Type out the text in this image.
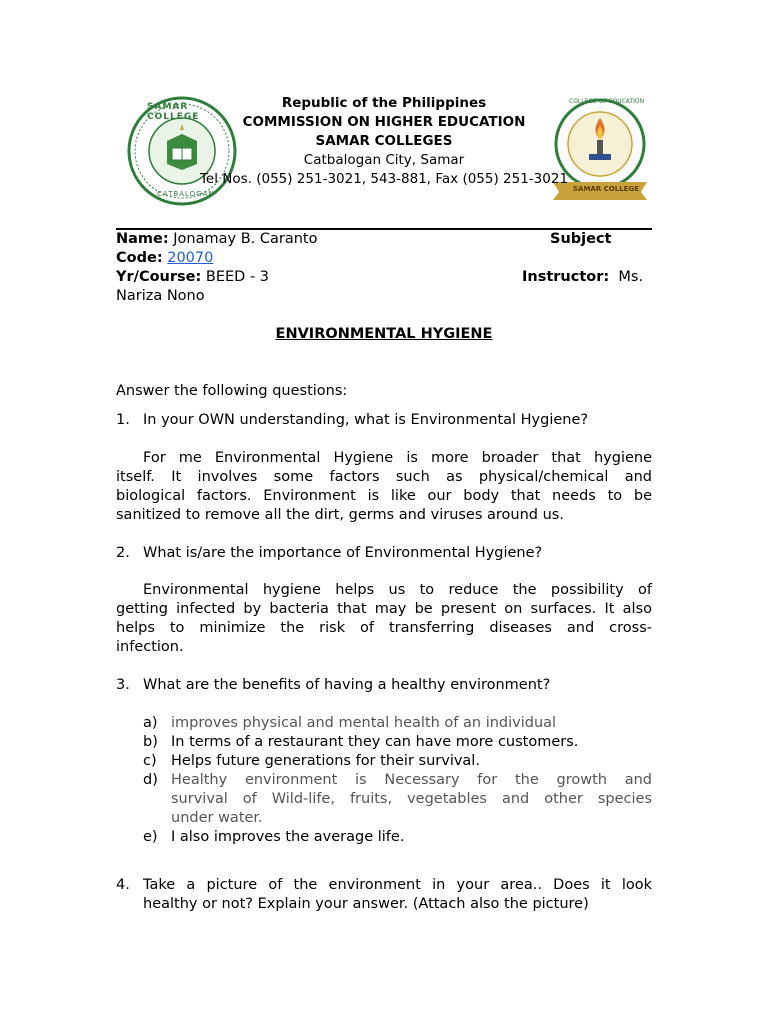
SAMAR COLLEGE
CATBALOGAN
COLLEGE OF EDUCATION
SAMAR COLLEGE
Republic of the Philippines
COMMISSION ON HIGHER EDUCATION
SAMAR COLLEGES
Catbalogan City, Samar
Tel Nos. (055) 251-3021, 543-881, Fax (055) 251-3021
Name: Jonamay B. Caranto	Subject
Code: 20070
Yr/Course: BEED - 3	Instructor: Ms.
Nariza Nono
ENVIRONMENTAL HYGIENE
Answer the following questions:
1. In your OWN understanding, what is Environmental Hygiene?
For me Environmental Hygiene is more broader that hygiene
itself. It involves some factors such as physical/chemical and
biological factors. Environment is like our body that needs to be
sanitized to remove all the dirt, germs and viruses around us.
2. What is/are the importance of Environmental Hygiene?
Environmental hygiene helps us to reduce the possibility of
getting infected by bacteria that may be present on surfaces. It also
helps to minimize the risk of transferring diseases and cross-
infection.
3. What are the benefits of having a healthy environment?
a) improves physical and mental health of an individual
b) In terms of a restaurant they can have more customers.
c) Helps future generations for their survival.
d) Healthy environment is Necessary for the growth and
survival of Wild-life, fruits, vegetables and other species
under water.
e) I also improves the average life.
4. Take a picture of the environment in your area.. Does it look
healthy or not? Explain your answer. (Attach also the picture)
